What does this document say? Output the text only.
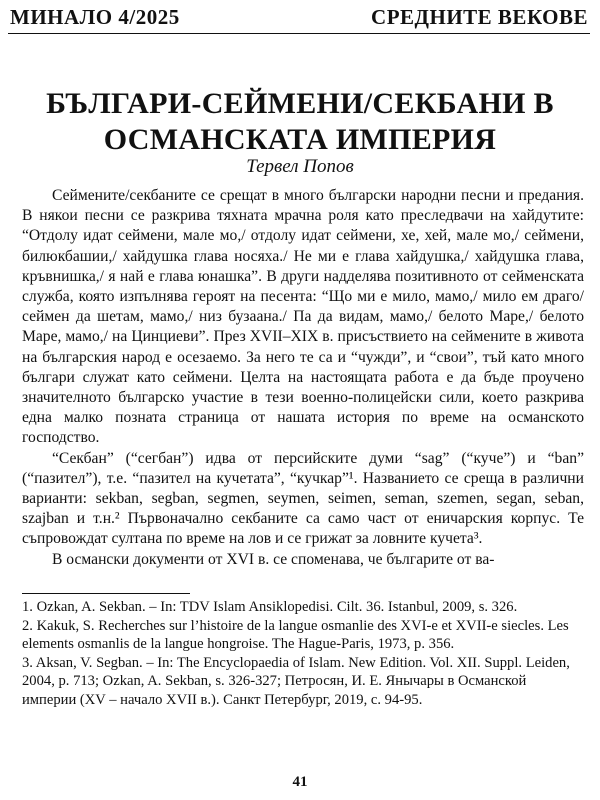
МИНАЛО 4/2025	СРЕДНИТЕ ВЕКОВЕ
БЪЛГАРИ-СЕЙМЕНИ/СЕКБАНИ В ОСМАНСКАТА ИМПЕРИЯ
Тервел Попов

Сеймените/секбаните се срещат в много български народни песни и предания. В някои песни се разкрива тяхната мрачна роля като преследвачи на хайдутите: “Отдолу идат сеймени, мале мо,/ отдолу идат сеймени, хе, хей, мале мо,/ сеймени, билюкбашии,/ хайдушка глава носяха./ Не ми е глава хайдушка,/ хайдушка глава, кръвнишка,/ я най е глава юнашка”. В други надделява позитивното от сейменската служба, която изпълнява героят на песента: “Що ми е мило, мамо,/ мило ем драго/ сеймен да шетам, мамо,/ низ бузаана./ Па да видам, мамо,/ белото Маре,/ белото Маре, мамо,/ на Цинциеви”. През XVII–XIX в. присъствието на сеймените в живота на българския народ е осезаемо. За него те са и “чужди”, и “свои”, тъй като много българи служат като сеймени. Целта на настоящата работа е да бъде проучено значителното българско участие в тези военно-полицейски сили, което разкрива една малко позната страница от нашата история по време на османското господство.

“Секбан” (“сегбан”) идва от персийските думи “sag” (“куче”) и “ban” (“пазител”), т.е. “пазител на кучетата”, “кучкар”¹. Названието се среща в различни варианти: sekban, segban, segmen, seymen, seimen, seman, szemen, segan, seban, szajban и т.н.² Първоначално секбаните са само част от еничарския корпус. Те съпровождат султана по време на лов и се грижат за ловните кучета³.

В османски документи от XVI в. се споменава, че българите от ва-

1. Ozkan, A. Sekban. – In: TDV Islam Ansiklopedisi. Cilt. 36. Istanbul, 2009, s. 326.

2. Kakuk, S. Recherches sur l’histoire de la langue osmanlie des XVI-e et XVII-e siecles. Les elements osmanlis de la langue hongroise. The Hague-Paris, 1973, p. 356.

3. Aksan, V. Segban. – In: The Encyclopaedia of Islam. New Edition. Vol. XII. Suppl. Leiden, 2004, p. 713; Ozkan, A. Sekban, s. 326-327; Петросян, И. Е. Янычары в Османской империи (XV – начало XVII в.). Санкт Петербург, 2019, с. 94-95.

41
